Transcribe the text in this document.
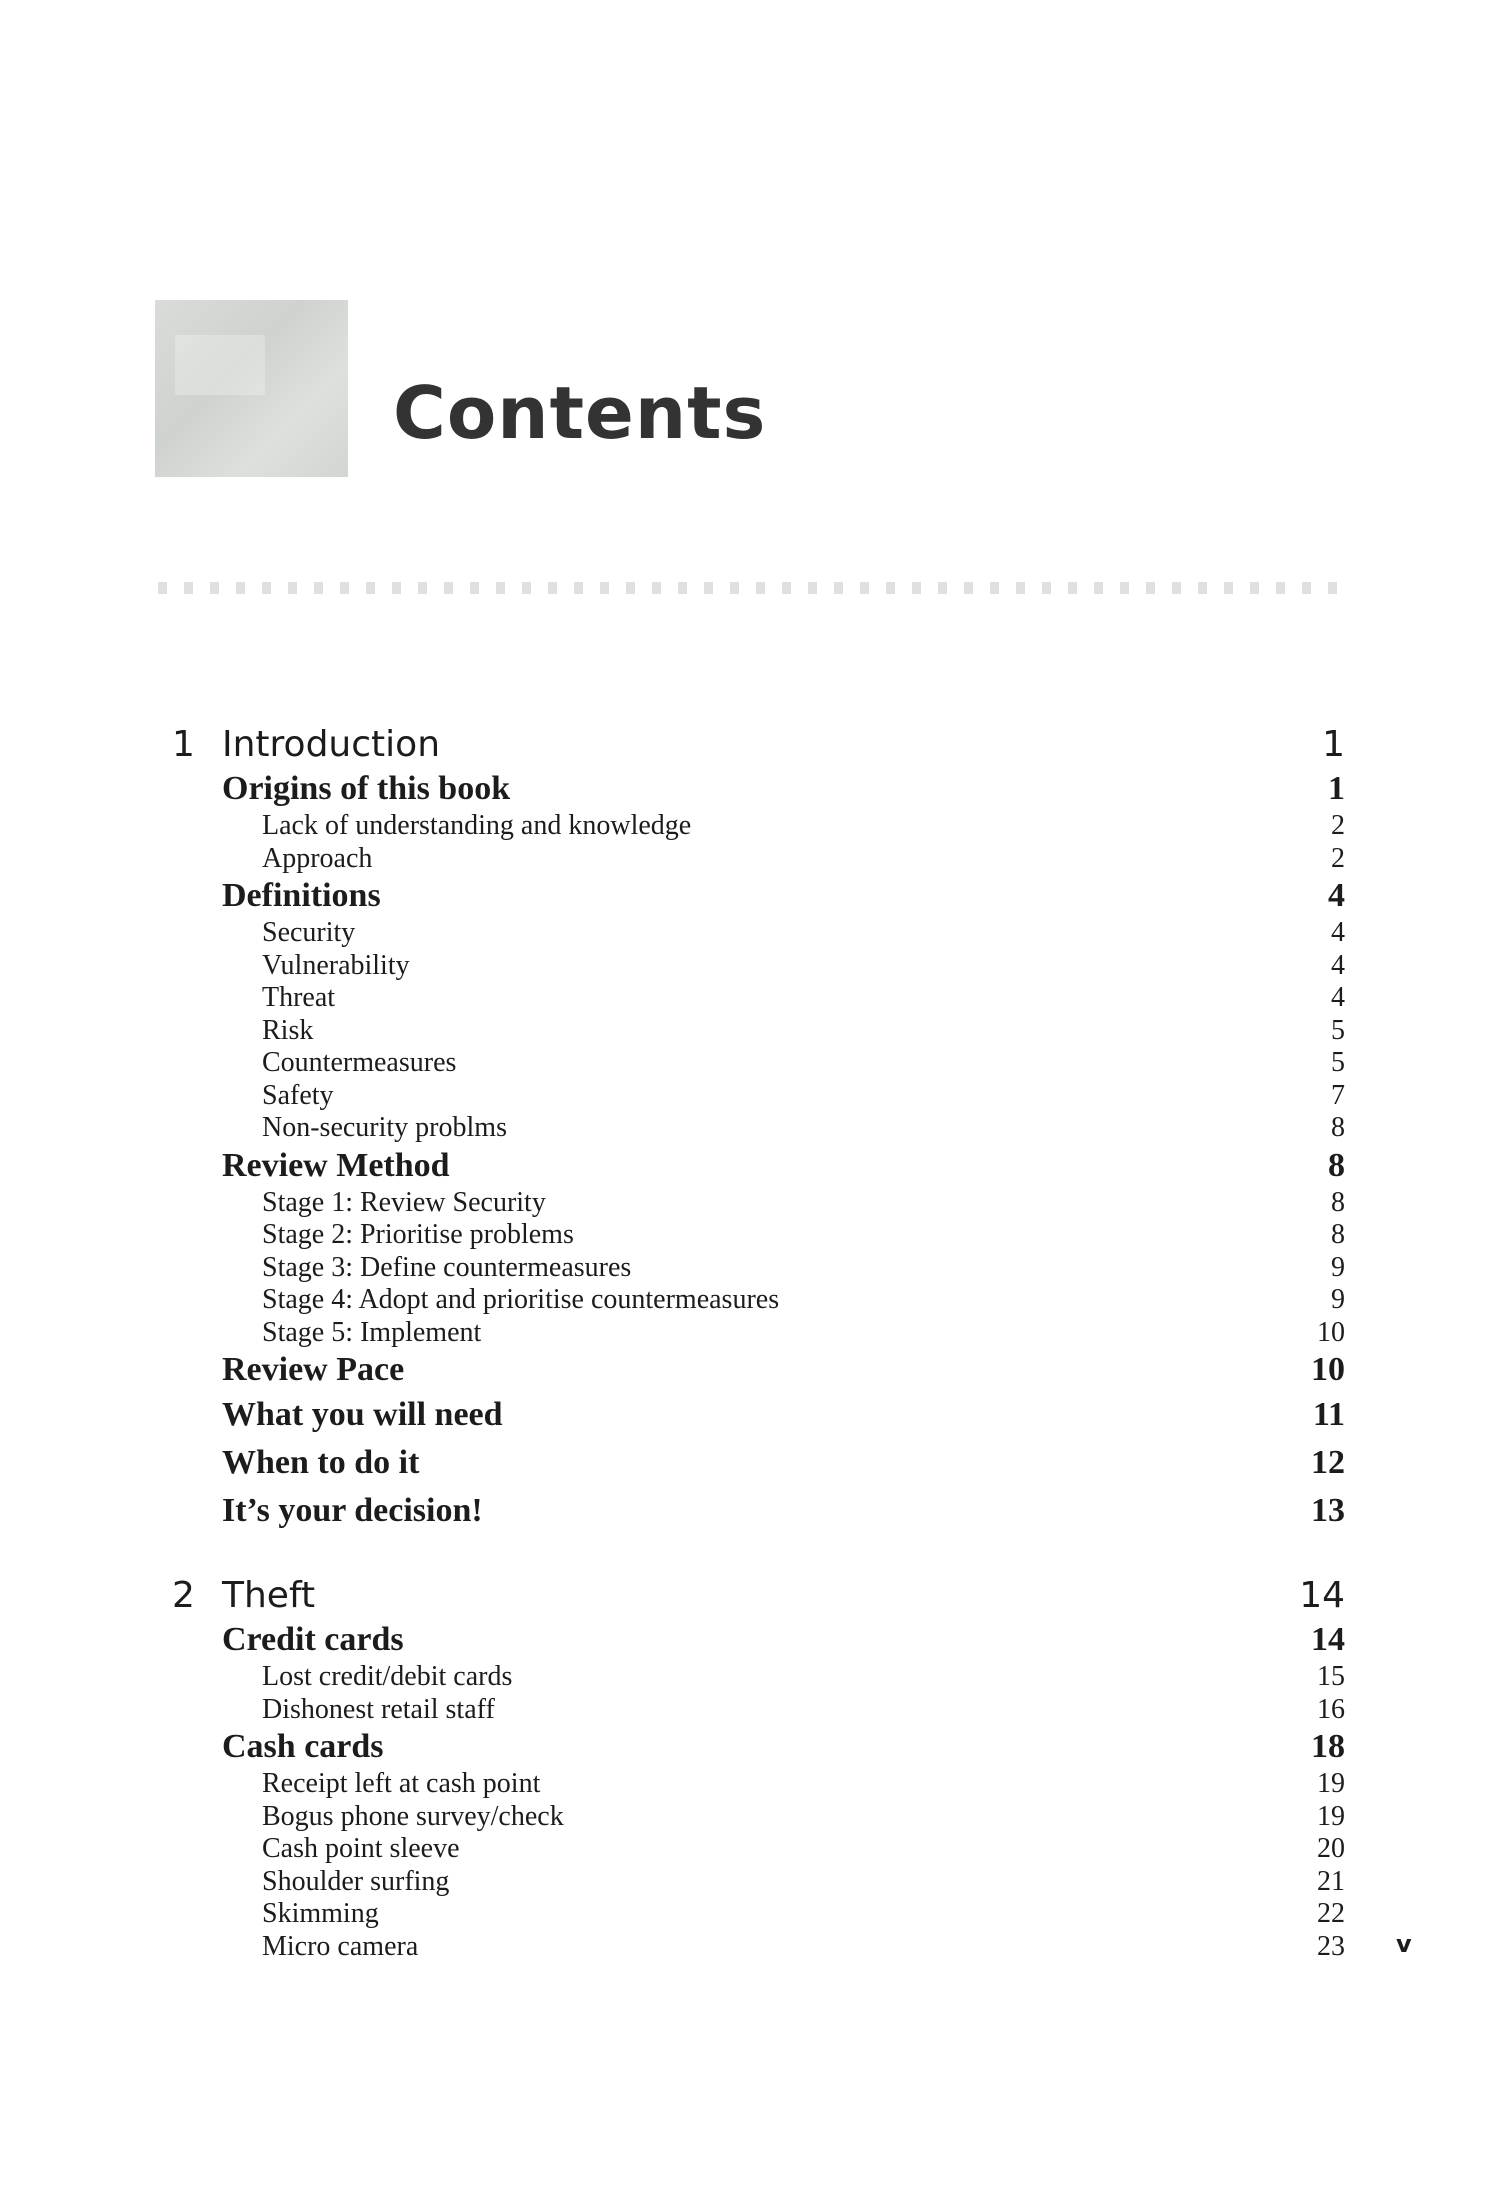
Contents
1 Introduction	1
Origins of this book	1
Lack of understanding and knowledge	2
Approach	2
Definitions	4
Security	4
Vulnerability	4
Threat	4
Risk	5
Countermeasures	5
Safety	7
Non-security problms	8
Review Method	8
Stage 1: Review Security	8
Stage 2: Prioritise problems	8
Stage 3: Define countermeasures	9
Stage 4: Adopt and prioritise countermeasures	9
Stage 5: Implement	10
Review Pace	10
What you will need	11
When to do it	12
It’s your decision!	13
2 Theft	14
Credit cards	14
Lost credit/debit cards	15
Dishonest retail staff	16
Cash cards	18
Receipt left at cash point	19
Bogus phone survey/check	19
Cash point sleeve	20
Shoulder surfing	21
Skimming	22
Micro camera	23 v
